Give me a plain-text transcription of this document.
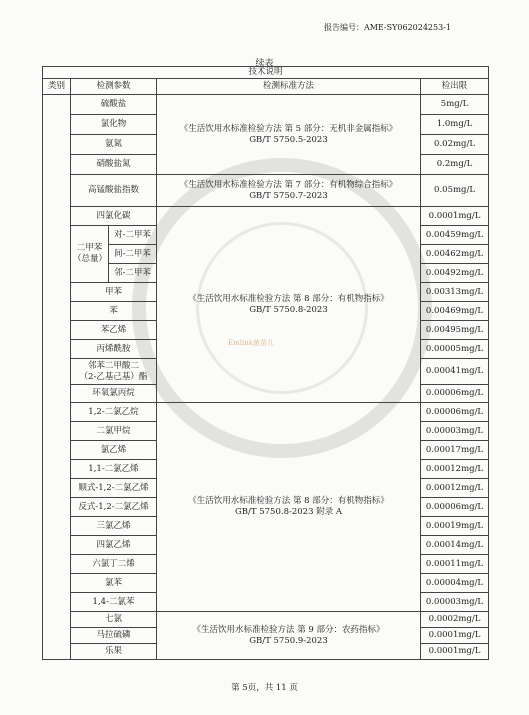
报告编号：AME-SY062024253-1
续表
Emlink菌苗儿
技术说明				
类别	检测参数		检测标准方法	检出限
	硫酸盐		《生活饮用水标准检验方法 第 5 部分：无机非金属指标》
GB/T 5750.5-2023	5mg/L
	氯化物			1.0mg/L
	氨氮			0.02mg/L
	硝酸盐氮			0.2mg/L
	高锰酸盐指数		《生活饮用水标准检验方法 第 7 部分：有机物综合指标》
GB/T 5750.7-2023	0.05mg/L
	四氯化碳		《生活饮用水标准检验方法 第 8 部分：有机物指标》
GB/T 5750.8-2023	0.0001mg/L
	二甲苯
（总量）	对-二甲苯		0.00459mg/L
		间-二甲苯		0.00462mg/L
		邻-二甲苯		0.00492mg/L
	甲苯			0.00313mg/L
	苯			0.00469mg/L
	苯乙烯			0.00495mg/L
	丙烯酰胺			0.00005mg/L
	邻苯二甲酸二
（2-乙基己基）酯			0.00041mg/L
	环氧氯丙烷			0.00006mg/L
	1,2-二氯乙烷		《生活饮用水标准检验方法 第 8 部分：有机物指标》
GB/T 5750.8-2023 附录 A	0.00006mg/L
	二氯甲烷			0.00003mg/L
	氯乙烯			0.00017mg/L
	1,1-二氯乙烯			0.00012mg/L
	顺式-1,2-二氯乙烯			0.00012mg/L
	反式-1,2-二氯乙烯			0.00006mg/L
	三氯乙烯			0.00019mg/L
	四氯乙烯			0.00014mg/L
	六氯丁二烯			0.00011mg/L
	氯苯			0.00004mg/L
	1,4-二氯苯			0.00003mg/L
	七氯		《生活饮用水标准检验方法 第 9 部分：农药指标》
GB/T 5750.9-2023	0.0002mg/L
	马拉硫磷			0.0001mg/L
	乐果			0.0001mg/L
第 5页，共 11 页
